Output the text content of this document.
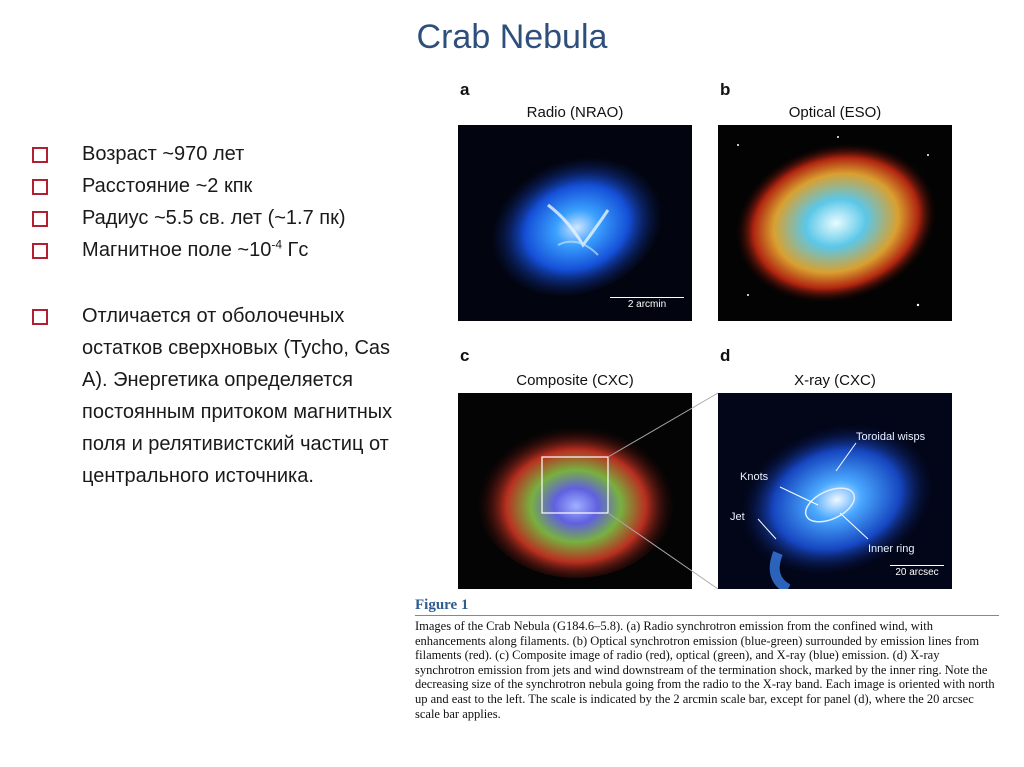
Crab Nebula
Возраст ~970 лет
Расстояние ~2 кпк
Радиус ~5.5 св. лет (~1.7 пк)
Магнитное поле $\sim 10^{-4}$ Гс
Отличается от оболочечных остатков сверхновых (Tycho, Cas A). Энергетика определяется постоянным притоком магнитных поля и релятивистский частиц от центрального источника.
a
Radio (NRAO)
b
Optical (ESO)
c
Composite (CXC)
d
X-ray (CXC)
2 arcmin
Toroidal wisps
Knots
Jet
Inner ring
20 arcsec
Figure 1
Images of the Crab Nebula (G184.6–5.8). (a) Radio synchrotron emission from the confined wind, with enhancements along filaments. (b) Optical synchrotron emission (blue-green) surrounded by emission lines from filaments (red). (c) Composite image of radio (red), optical (green), and X-ray (blue) emission. (d) X-ray synchrotron emission from jets and wind downstream of the termination shock, marked by the inner ring. Note the decreasing size of the synchrotron nebula going from the radio to the X-ray band. Each image is oriented with north up and east to the left. The scale is indicated by the 2 arcmin scale bar, except for panel (d), where the 20 arcsec scale bar applies.
